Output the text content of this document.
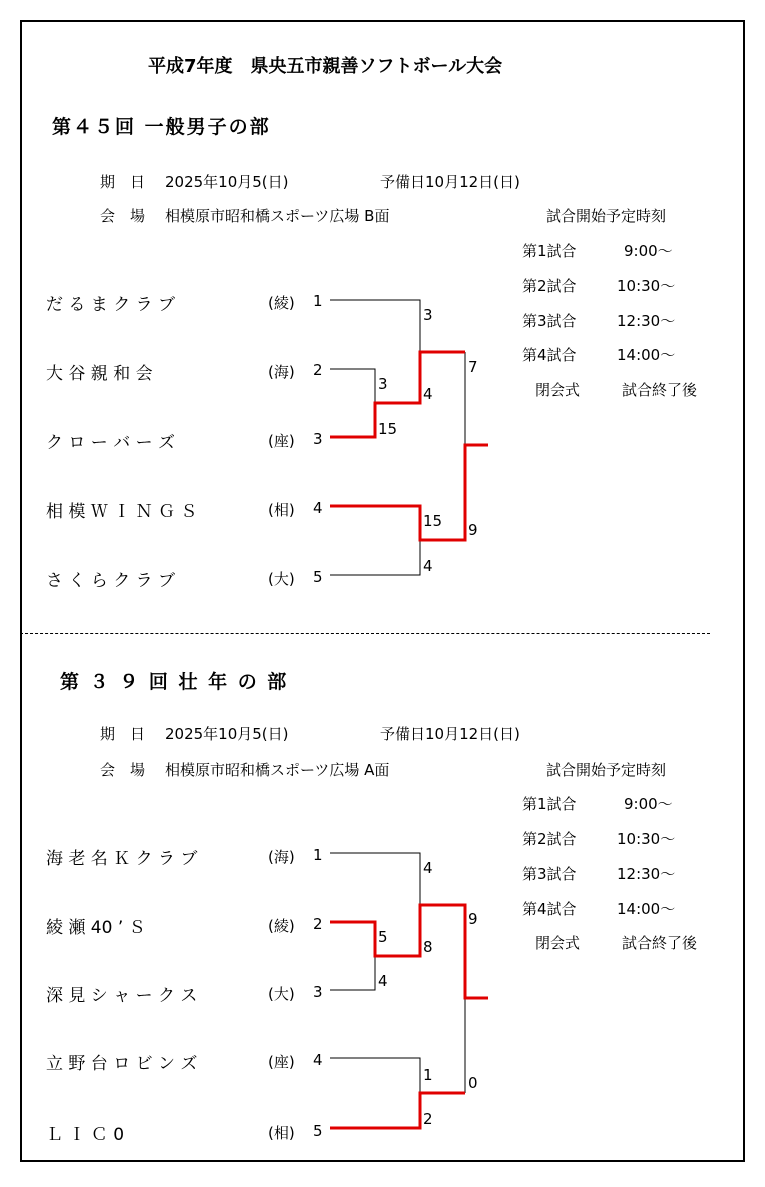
平成7年度　県央五市親善ソフトボール大会
第４５回 一般男子の部
期　日 2025年10月5(日)	予備日10月12日(日)
会　場 相模原市昭和橋スポーツ広場 B面	試合開始予定時刻
第1試合	9:00～
第2試合	10:30～
第3試合	12:30～
第4試合	14:00～
閉会式	試合終了後
だ る ま ク ラ ブ	(綾) 1
大 谷 親 和 会	(海) 2
ク ロ ー バ ー ズ	(座) 3
相 模 Ｗ Ｉ Ｎ Ｇ Ｓ	(相) 4
さ く ら ク ラ ブ	(大) 5
3
3
15
4
7
15
4
9
第 ３ ９ 回 壮 年 の 部
期　日 2025年10月5(日)	予備日10月12日(日)
会　場 相模原市昭和橋スポーツ広場 A面	試合開始予定時刻
第1試合	9:00～
第2試合	10:30～
第3試合	12:30～
第4試合	14:00～
閉会式	試合終了後
海 老 名 Ｋ ク ラ ブ	(海) 1
綾 瀬 40 ’ Ｓ	(綾) 2
深 見 シ ャ ー ク ス	(大) 3
立 野 台 ロ ビ ン ズ	(座) 4
Ｌ Ｉ Ｃ 0	(相) 5
4
5
4
8
9
1
2
0
